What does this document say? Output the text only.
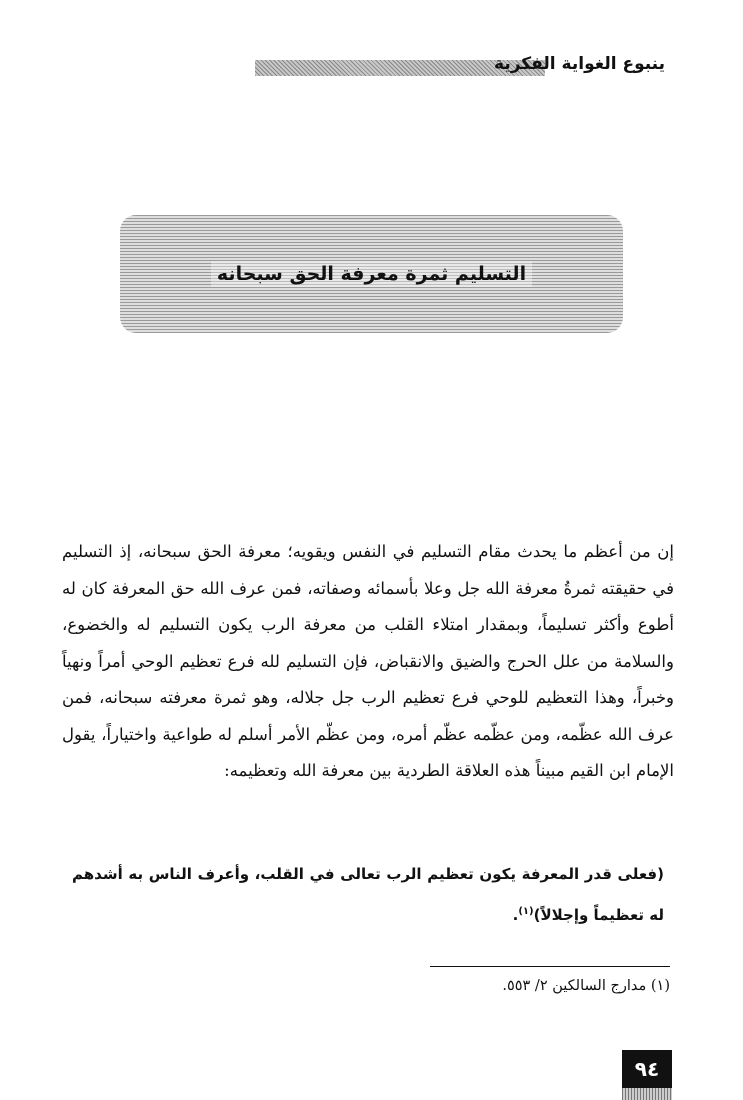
ينبوع الغواية الفكرية
التسليم ثمرة معرفة الحق سبحانه

إن من أعظم ما يحدث مقام التسليم في النفس ويقويه؛ معرفة الحق سبحانه، إذ التسليم في حقيقته ثمرةُ معرفة الله جل وعلا بأسمائه وصفاته، فمن عرف الله حق المعرفة كان له أطوع وأكثر تسليماً، وبمقدار امتلاء القلب من معرفة الرب يكون التسليم له والخضوع، والسلامة من علل الحرج والضيق والانقباض، فإن التسليم لله فرع تعظيم الوحي أمراً ونهياً وخبراً، وهذا التعظيم للوحي فرع تعظيم الرب جل جلاله، وهو ثمرة معرفته سبحانه، فمن عرف الله عظّمه، ومن عظّمه عظّم أمره، ومن عظّم الأمر أسلم له طواعية واختياراً، يقول الإمام ابن القيم مبيناً هذه العلاقة الطردية بين معرفة الله وتعظيمه:

(فعلى قدر المعرفة يكون تعظيم الرب تعالى في القلب، وأعرف الناس به أشدهم له تعظيماً وإجلالاً)$^{(١)}$.

(١) مدارج السالكين ٢/ ٥٥٣.
٩٤
